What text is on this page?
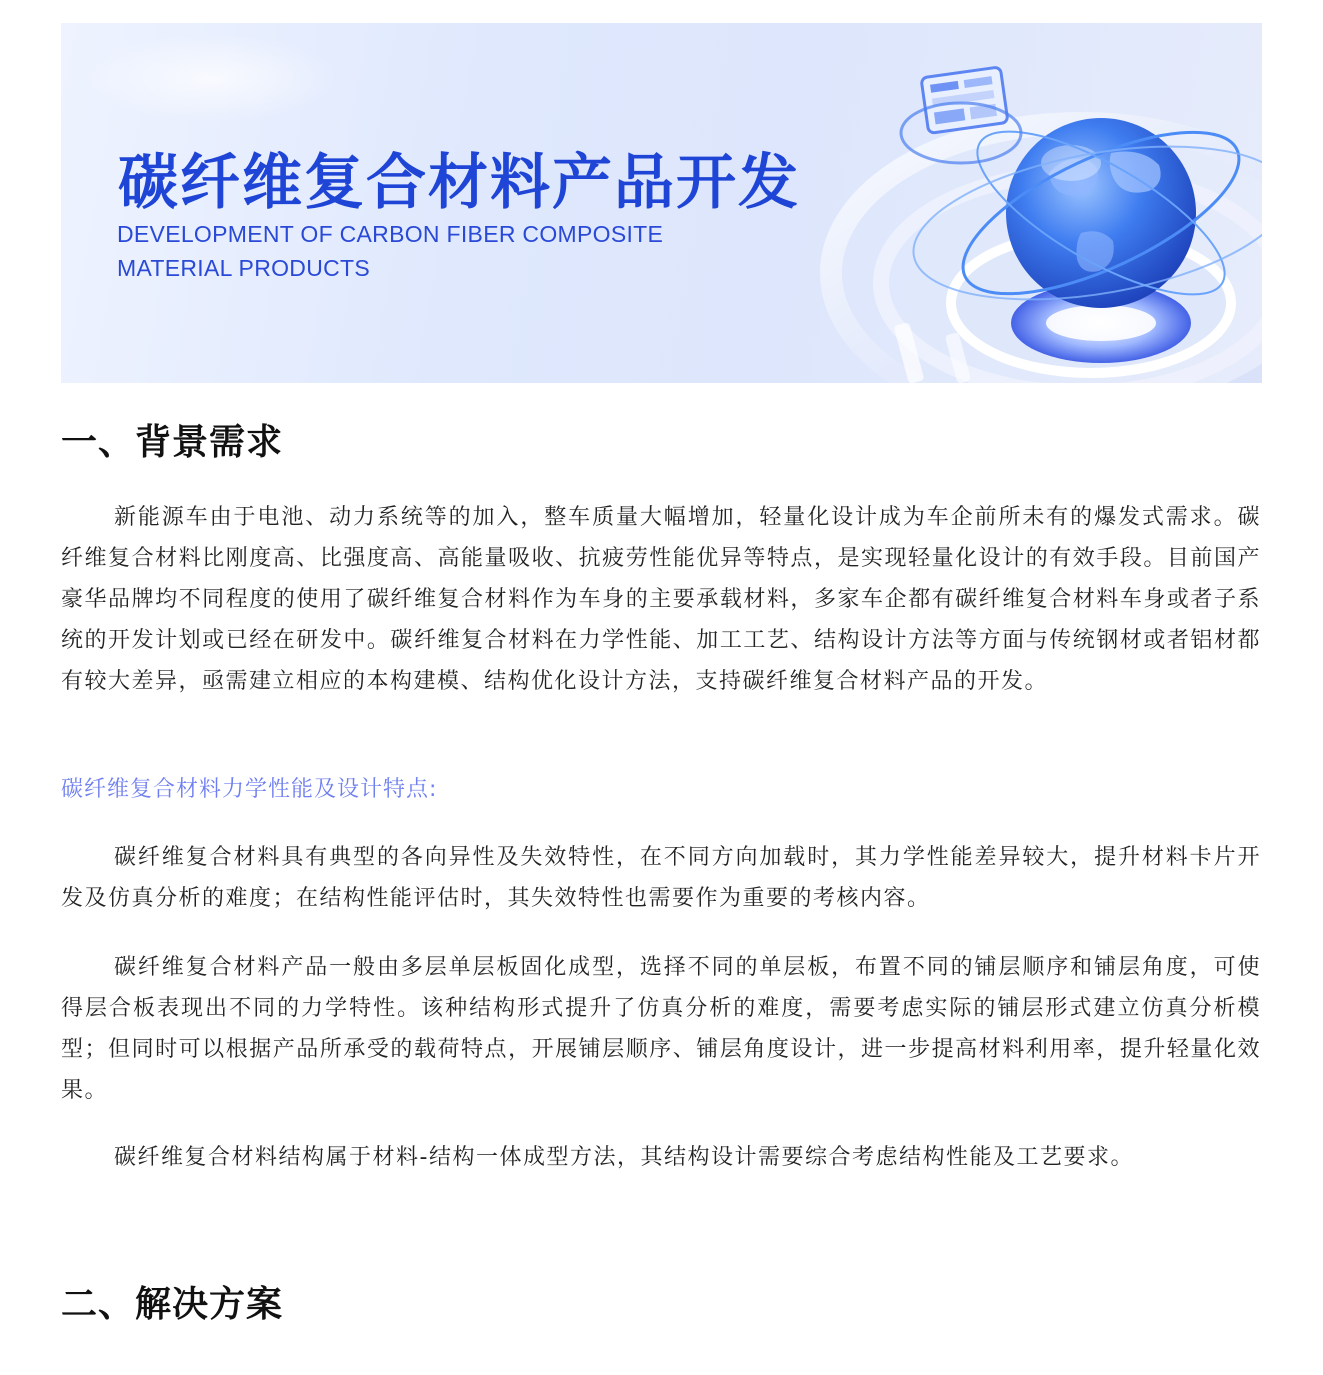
碳纤维复合材料产品开发

DEVELOPMENT OF CARBON FIBER COMPOSITE MATERIAL PRODUCTS

一、背景需求

新能源车由于电池、动力系统等的加入，整车质量大幅增加，轻量化设计成为车企前所未有的爆发式需求。碳纤维复合材料比刚度高、比强度高、高能量吸收、抗疲劳性能优异等特点，是实现轻量化设计的有效手段。目前国产豪华品牌均不同程度的使用了碳纤维复合材料作为车身的主要承载材料，多家车企都有碳纤维复合材料车身或者子系统的开发计划或已经在研发中。碳纤维复合材料在力学性能、加工工艺、结构设计方法等方面与传统钢材或者铝材都有较大差异，亟需建立相应的本构建模、结构优化设计方法，支持碳纤维复合材料产品的开发。

碳纤维复合材料力学性能及设计特点:

碳纤维复合材料具有典型的各向异性及失效特性，在不同方向加载时，其力学性能差异较大，提升材料卡片开发及仿真分析的难度；在结构性能评估时，其失效特性也需要作为重要的考核内容。

碳纤维复合材料产品一般由多层单层板固化成型，选择不同的单层板，布置不同的铺层顺序和铺层角度，可使得层合板表现出不同的力学特性。该种结构形式提升了仿真分析的难度，需要考虑实际的铺层形式建立仿真分析模型；但同时可以根据产品所承受的载荷特点，开展铺层顺序、铺层角度设计，进一步提高材料利用率，提升轻量化效果。

碳纤维复合材料结构属于材料-结构一体成型方法，其结构设计需要综合考虑结构性能及工艺要求。

二、解决方案
